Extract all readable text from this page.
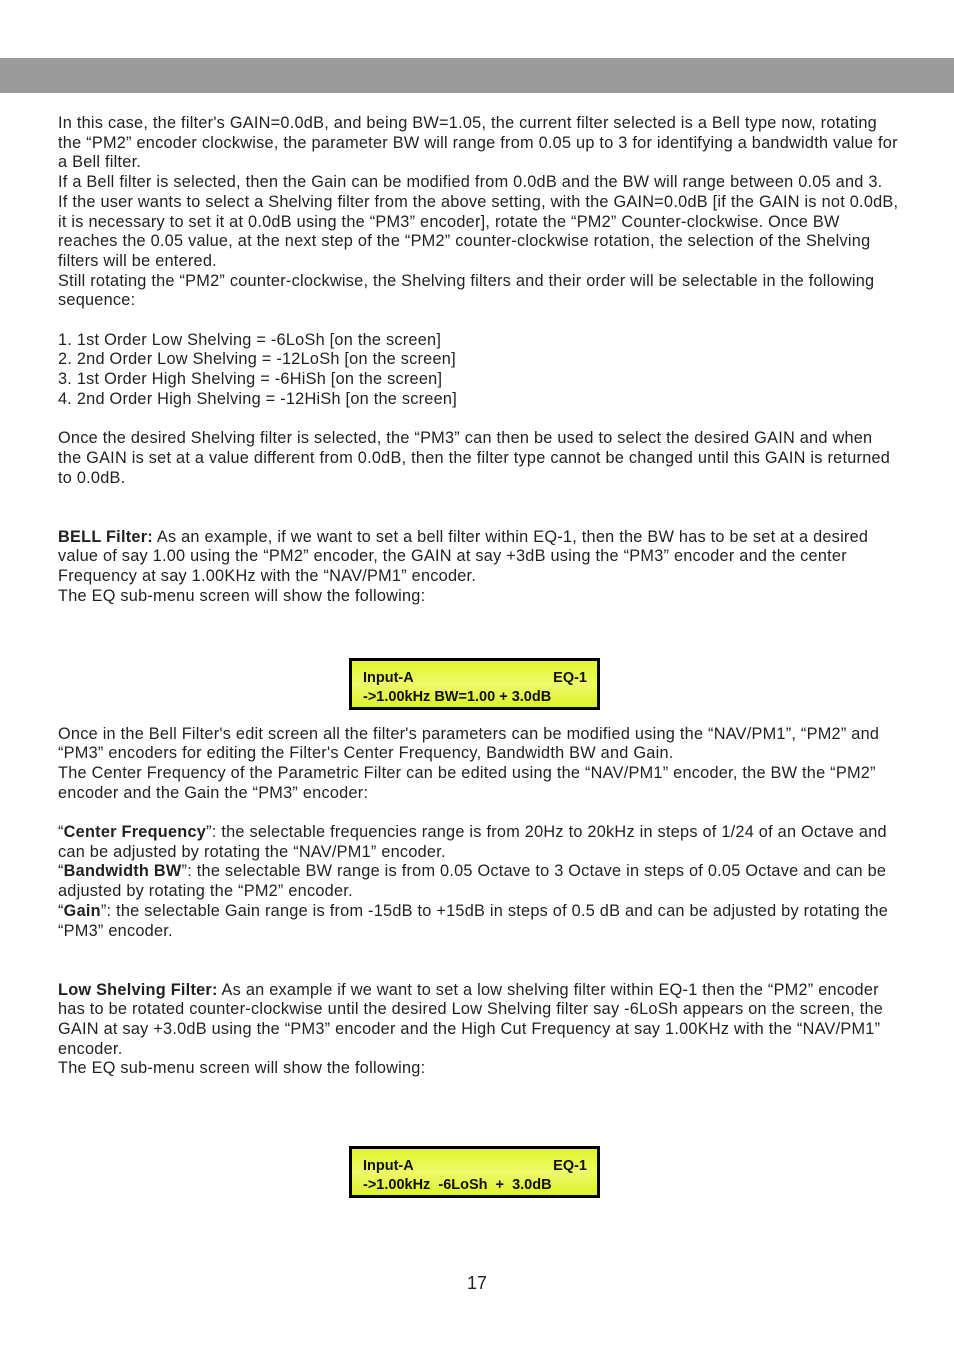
In this case, the filter's GAIN=0.0dB, and being BW=1.05, the current filter selected is a Bell type now, rotating the “PM2” encoder clockwise, the parameter BW will range from 0.05 up to 3 for identifying a bandwidth value for a Bell filter.

If a Bell filter is selected, then the Gain can be modified from 0.0dB and the BW will range between 0.05 and 3.

If the user wants to select a Shelving filter from the above setting, with the GAIN=0.0dB [if the GAIN is not 0.0dB, it is necessary to set it at 0.0dB using the “PM3” encoder], rotate the “PM2” Counter-clockwise. Once BW reaches the 0.05 value, at the next step of the “PM2” counter-clockwise rotation, the selection of the Shelving filters will be entered.

Still rotating the “PM2” counter-clockwise, the Shelving filters and their order will be selectable in the following sequence:

1. 1st Order Low Shelving = -6LoSh [on the screen]

2. 2nd Order Low Shelving = -12LoSh [on the screen]

3. 1st Order High Shelving = -6HiSh [on the screen]

4. 2nd Order High Shelving = -12HiSh [on the screen]

Once the desired Shelving filter is selected, the “PM3” can then be used to select the desired GAIN and when the GAIN is set at a value different from 0.0dB, then the filter type cannot be changed until this GAIN is returned to 0.0dB.

BELL Filter: As an example, if we want to set a bell filter within EQ-1, then the BW has to be set at a desired value of say 1.00 using the “PM2” encoder, the GAIN at say +3dB using the “PM3” encoder and the center Frequency at say 1.00KHz with the “NAV/PM1” encoder.

The EQ sub-menu screen will show the following:

Once in the Bell Filter's edit screen all the filter's parameters can be modified using the “NAV/PM1”, “PM2” and “PM3” encoders for editing the Filter's Center Frequency, Bandwidth BW and Gain.

The Center Frequency of the Parametric Filter can be edited using the “NAV/PM1” encoder, the BW the “PM2” encoder and the Gain the “PM3” encoder:

“Center Frequency”: the selectable frequencies range is from 20Hz to 20kHz in steps of 1/24 of an Octave and can be adjusted by rotating the “NAV/PM1” encoder.

“Bandwidth BW”: the selectable BW range is from 0.05 Octave to 3 Octave in steps of 0.05 Octave and can be adjusted by rotating the “PM2” encoder.

“Gain”: the selectable Gain range is from -15dB to +15dB in steps of 0.5 dB and can be adjusted by rotating the “PM3” encoder.

Low Shelving Filter: As an example if we want to set a low shelving filter within EQ-1 then the “PM2” encoder has to be rotated counter-clockwise until the desired Low Shelving filter say -6LoSh appears on the screen, the GAIN at say +3.0dB using the “PM3” encoder and the High Cut Frequency at say 1.00KHz with the “NAV/PM1” encoder.

The EQ sub-menu screen will show the following:

Input-A	EQ-1
->1.00kHz BW=1.00 + 3.0dB
Input-A	EQ-1
->1.00kHz  -6LoSh  +  3.0dB
17
